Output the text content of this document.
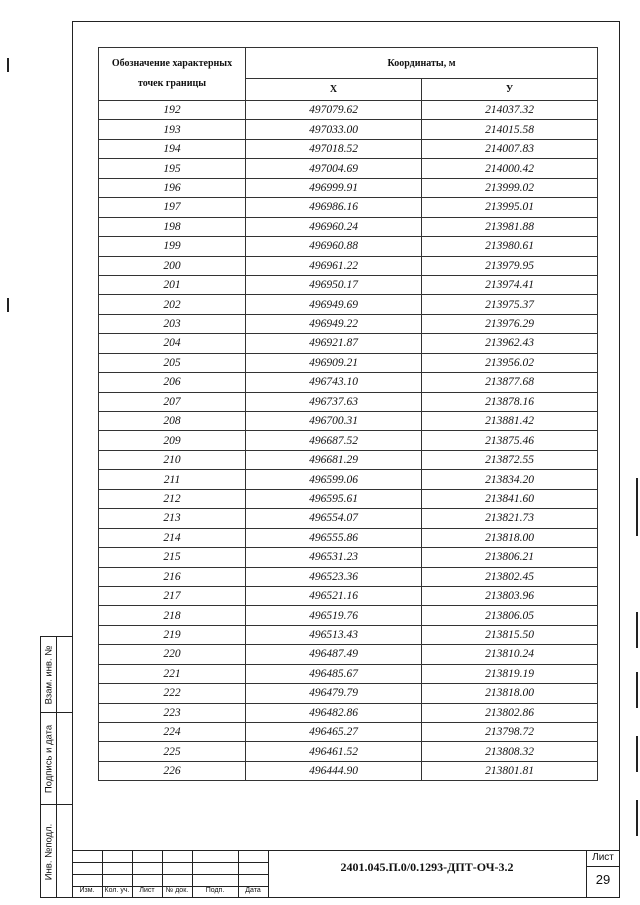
Обозначение характерных точек границы	Координаты, м	
	X	У
192	497079.62	214037.32
193	497033.00	214015.58
194	497018.52	214007.83
195	497004.69	214000.42
196	496999.91	213999.02
197	496986.16	213995.01
198	496960.24	213981.88
199	496960.88	213980.61
200	496961.22	213979.95
201	496950.17	213974.41
202	496949.69	213975.37
203	496949.22	213976.29
204	496921.87	213962.43
205	496909.21	213956.02
206	496743.10	213877.68
207	496737.63	213878.16
208	496700.31	213881.42
209	496687.52	213875.46
210	496681.29	213872.55
211	496599.06	213834.20
212	496595.61	213841.60
213	496554.07	213821.73
214	496555.86	213818.00
215	496531.23	213806.21
216	496523.36	213802.45
217	496521.16	213803.96
218	496519.76	213806.05
219	496513.43	213815.50
220	496487.49	213810.24
221	496485.67	213819.19
222	496479.79	213818.00
223	496482.86	213802.86
224	496465.27	213798.72
225	496461.52	213808.32
226	496444.90	213801.81
Взам. инв. №
Подпись и дата
Инв. №подл.
Изм.	Кол. уч.	Лист	№ док.	Подп.	Дата
Лист
29
2401.045.П.0/0.1293-ДПТ-ОЧ-3.2
